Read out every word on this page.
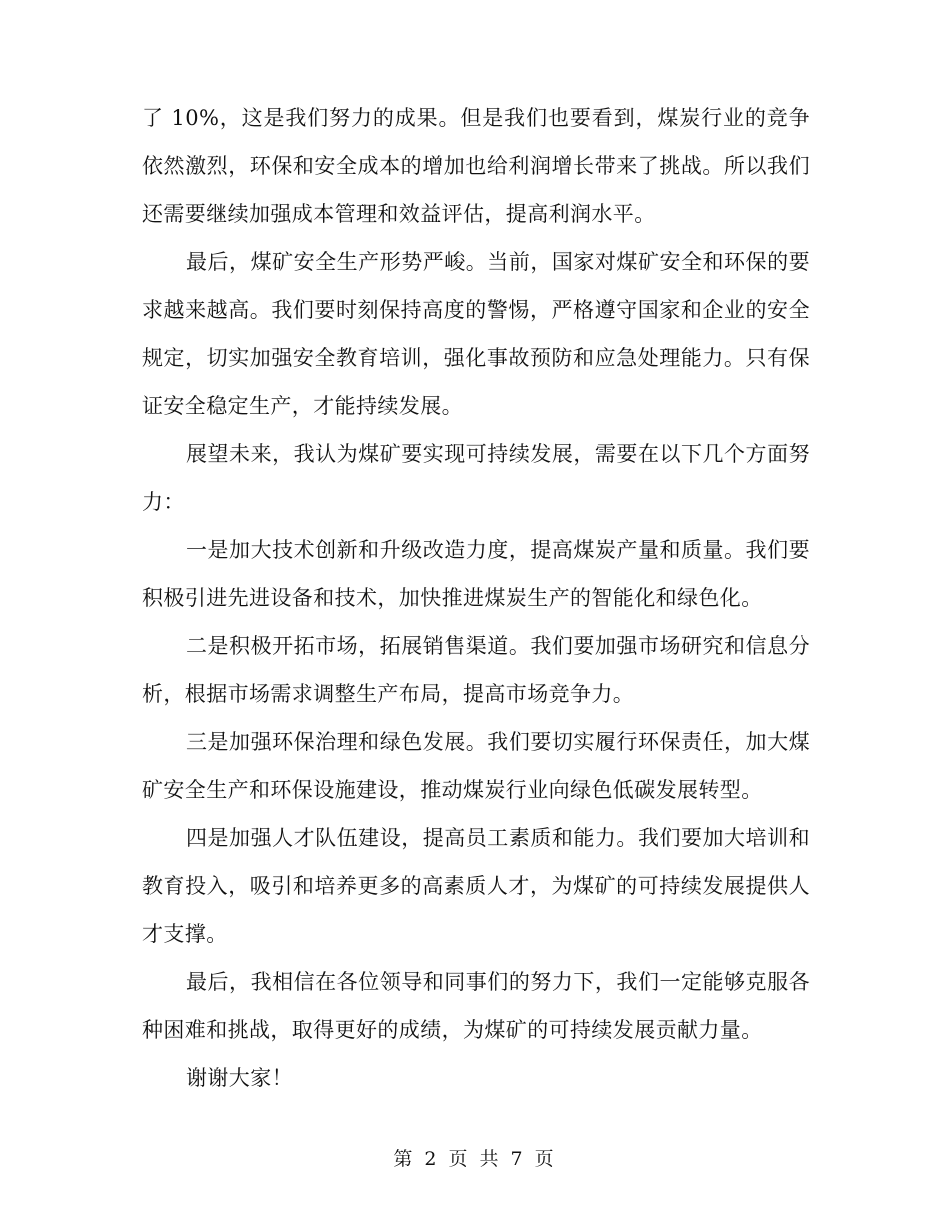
了 10%，这是我们努力的成果。但是我们也要看到，煤炭行业的竞争依然激烈，环保和安全成本的增加也给利润增长带来了挑战。所以我们还需要继续加强成本管理和效益评估，提高利润水平。

最后，煤矿安全生产形势严峻。当前，国家对煤矿安全和环保的要求越来越高。我们要时刻保持高度的警惕，严格遵守国家和企业的安全规定，切实加强安全教育培训，强化事故预防和应急处理能力。只有保证安全稳定生产，才能持续发展。

展望未来，我认为煤矿要实现可持续发展，需要在以下几个方面努力：

一是加大技术创新和升级改造力度，提高煤炭产量和质量。我们要积极引进先进设备和技术，加快推进煤炭生产的智能化和绿色化。

二是积极开拓市场，拓展销售渠道。我们要加强市场研究和信息分析，根据市场需求调整生产布局，提高市场竞争力。

三是加强环保治理和绿色发展。我们要切实履行环保责任，加大煤矿安全生产和环保设施建设，推动煤炭行业向绿色低碳发展转型。

四是加强人才队伍建设，提高员工素质和能力。我们要加大培训和教育投入，吸引和培养更多的高素质人才，为煤矿的可持续发展提供人才支撑。

最后，我相信在各位领导和同事们的努力下，我们一定能够克服各种困难和挑战，取得更好的成绩，为煤矿的可持续发展贡献力量。

谢谢大家！

第 2 页 共 7 页
